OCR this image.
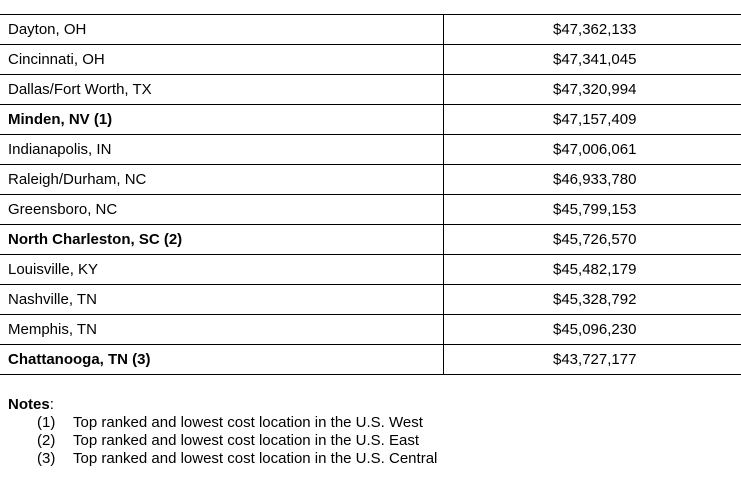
Dayton, OH	$47,362,133
Cincinnati, OH	$47,341,045
Dallas/Fort Worth, TX	$47,320,994
Minden, NV (1)	$47,157,409
Indianapolis, IN	$47,006,061
Raleigh/Durham, NC	$46,933,780
Greensboro, NC	$45,799,153
North Charleston, SC (2)	$45,726,570
Louisville, KY	$45,482,179
Nashville, TN	$45,328,792
Memphis, TN	$45,096,230
Chattanooga, TN (3)	$43,727,177
Notes:
(1)	Top ranked and lowest cost location in the U.S. West
(2)	Top ranked and lowest cost location in the U.S. East
(3)	Top ranked and lowest cost location in the U.S. Central
